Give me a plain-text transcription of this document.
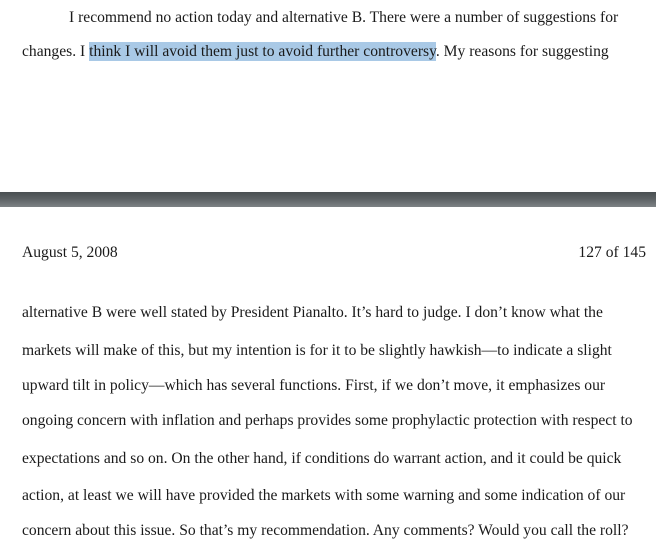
I recommend no action today and alternative B. There were a number of suggestions for
changes. I think I will avoid them just to avoid further controversy. My reasons for suggesting
August 5, 2008	127 of 145
alternative B were well stated by President Pianalto. It’s hard to judge. I don’t know what the
markets will make of this, but my intention is for it to be slightly hawkish—to indicate a slight
upward tilt in policy—which has several functions. First, if we don’t move, it emphasizes our
ongoing concern with inflation and perhaps provides some prophylactic protection with respect to
expectations and so on. On the other hand, if conditions do warrant action, and it could be quick
action, at least we will have provided the markets with some warning and some indication of our
concern about this issue. So that’s my recommendation. Any comments? Would you call the roll?
